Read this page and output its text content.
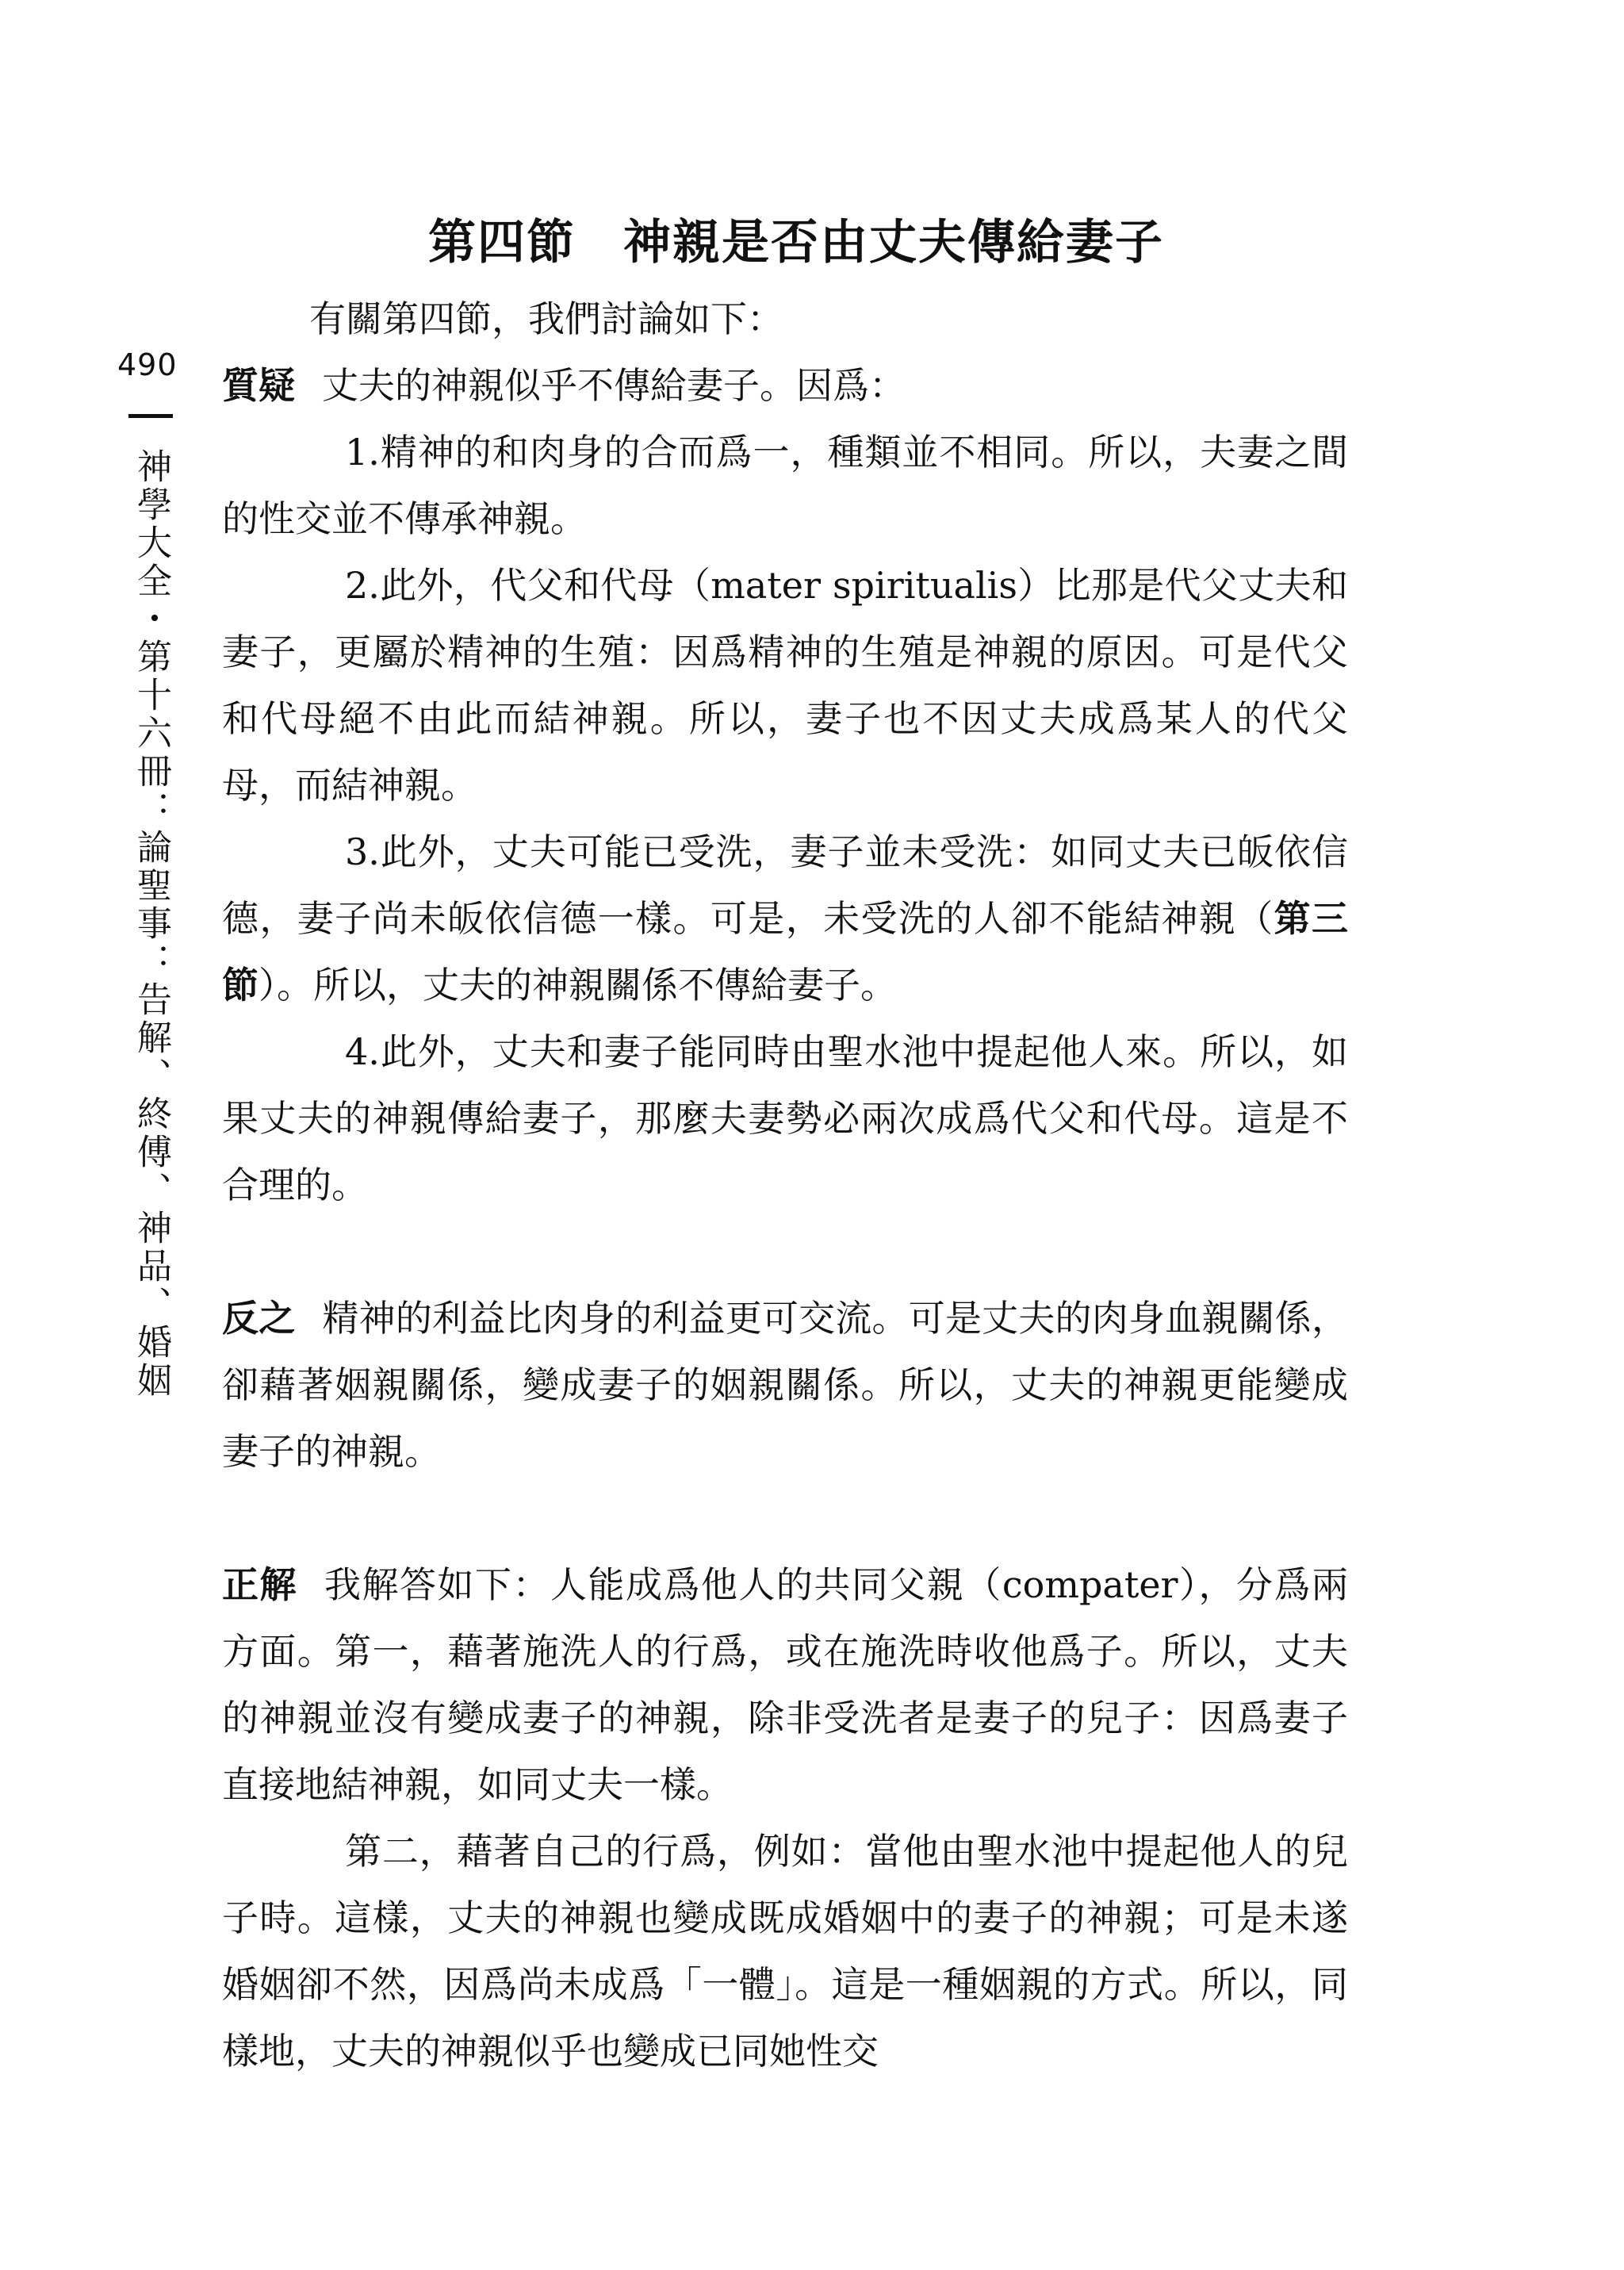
第四節 神親是否由丈夫傳給妻子
490
神學大全・第十六冊：論聖事：告解、終傅、神品、婚姻

有關第四節，我們討論如下：

質疑 丈夫的神親似乎不傳給妻子。因爲：

1.精神的和肉身的合而爲一，種類並不相同。所以，夫妻之間的性交並不傳承神親。

2.此外，代父和代母（mater spiritualis）比那是代父丈夫和妻子，更屬於精神的生殖：因爲精神的生殖是神親的原因。可是代父和代母絕不由此而結神親。所以，妻子也不因丈夫成爲某人的代父母，而結神親。

3.此外，丈夫可能已受洗，妻子並未受洗：如同丈夫已皈依信德，妻子尚未皈依信德一樣。可是，未受洗的人卻不能結神親（第三節）。所以，丈夫的神親關係不傳給妻子。

4.此外，丈夫和妻子能同時由聖水池中提起他人來。所以，如果丈夫的神親傳給妻子，那麼夫妻勢必兩次成爲代父和代母。這是不合理的。

反之 精神的利益比肉身的利益更可交流。可是丈夫的肉身血親關係，卻藉著姻親關係，變成妻子的姻親關係。所以，丈夫的神親更能變成妻子的神親。

正解 我解答如下：人能成爲他人的共同父親（compater），分爲兩方面。第一，藉著施洗人的行爲，或在施洗時收他爲子。所以，丈夫的神親並沒有變成妻子的神親，除非受洗者是妻子的兒子：因爲妻子直接地結神親，如同丈夫一樣。

第二，藉著自己的行爲，例如：當他由聖水池中提起他人的兒子時。這樣，丈夫的神親也變成既成婚姻中的妻子的神親；可是未遂婚姻卻不然，因爲尚未成爲「一體」。這是一種姻親的方式。所以，同樣地，丈夫的神親似乎也變成已同她性交
